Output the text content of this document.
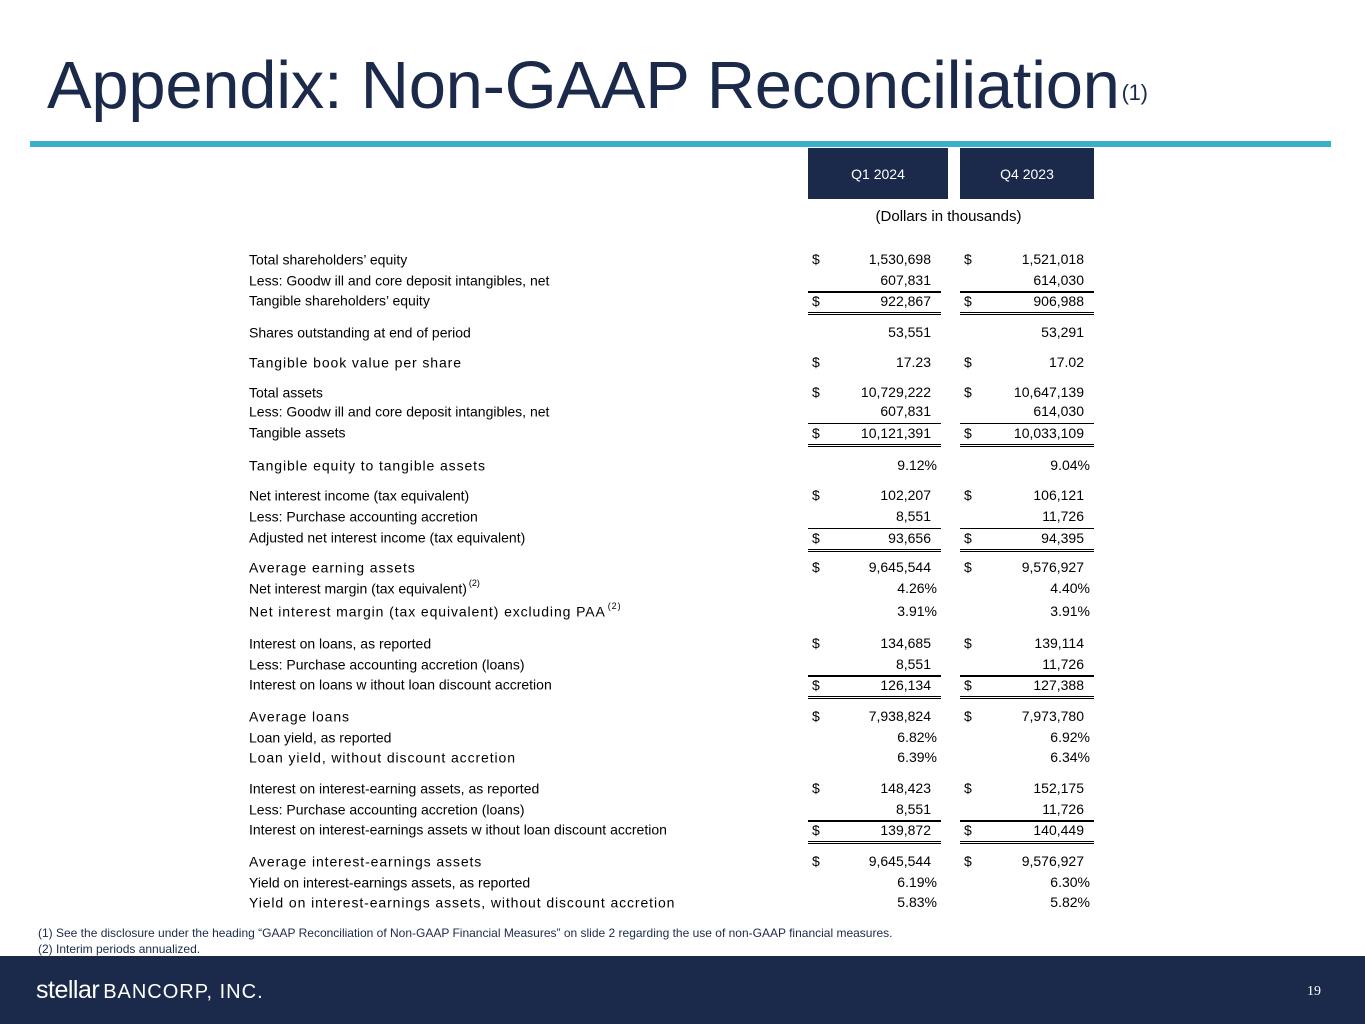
Appendix: Non-GAAP Reconciliation$^{(1)}$
Q1 2024	Q4 2023
(Dollars in thousands)
Total shareholders’ equity	$	1,530,698 $	1,521,018
Less: Goodw ill and core deposit intangibles, net	607,831	614,030
Tangible shareholders’ equity	$	922,867 $	906,988
Shares outstanding at end of period	53,551	53,291
Tangible book value per share	$	17.23 $	17.02
Total assets	$	10,729,222 $	10,647,139
Less: Goodw ill and core deposit intangibles, net	607,831	614,030
Tangible assets	$	10,121,391 $	10,033,109
Tangible equity to tangible assets	9.12%	9.04%
Net interest income (tax equivalent)	$	102,207 $	106,121
Less: Purchase accounting accretion	8,551	11,726
Adjusted net interest income (tax equivalent)	$	93,656 $	94,395
Average earning assets	$	9,645,544 $	9,576,927
Net interest margin (tax equivalent) $^{(2)}$	4.26%	4.40%
Net interest margin (tax equivalent) excluding PAA $^{(2)}$	3.91%	3.91%
Interest on loans, as reported	$	134,685 $	139,114
Less: Purchase accounting accretion (loans)	8,551	11,726
Interest on loans w ithout loan discount accretion	$	126,134 $	127,388
Average loans	$	7,938,824 $	7,973,780
Loan yield, as reported	6.82%	6.92%
Loan yield, without discount accretion	6.39%	6.34%
Interest on interest-earning assets, as reported	$	148,423 $	152,175
Less: Purchase accounting accretion (loans)	8,551	11,726
Interest on interest-earnings assets w ithout loan discount accretion	$	139,872 $	140,449
Average interest-earnings assets	$	9,645,544 $	9,576,927
Yield on interest-earnings assets, as reported	6.19%	6.30%
Yield on interest-earnings assets, without discount accretion	5.83%	5.82%
(1) See the disclosure under the heading “GAAP Reconciliation of Non-GAAP Financial Measures” on slide 2 regarding the use of non-GAAP financial measures.
(2) Interim periods annualized.
stellar BANCORP, INC.	19
